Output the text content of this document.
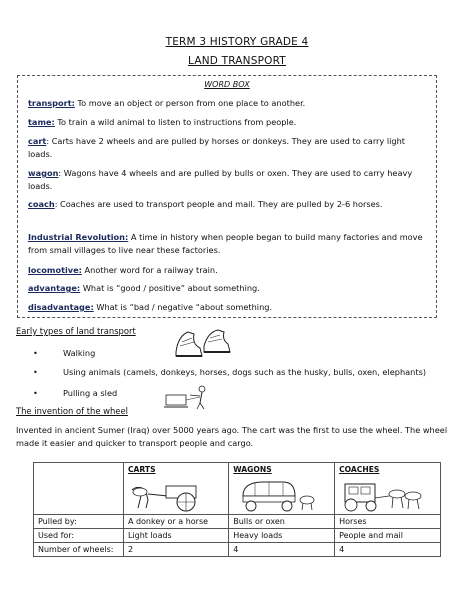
TERM 3 HISTORY GRADE 4
LAND TRANSPORT
WORD BOX
transport: To move an object or person from one place to another.
tame: To train a wild animal to listen to instructions from people.
cart: Carts have 2 wheels and are pulled by horses or donkeys. They are used to carry light loads.
wagon: Wagons have 4 wheels and are pulled by bulls or oxen. They are used to carry heavy loads.
coach: Coaches are used to transport people and mail. They are pulled by 2-6 horses.
Industrial Revolution: A time in history when people began to build many factories and move from small villages to live near these factories.
locomotive: Another word for a railway train.
advantage: What is “good / positive” about something.
disadvantage: What is “bad / negative “about something.
Early types of land transport
•	Walking
•	Using animals (camels, donkeys, horses, dogs such as the husky, bulls, oxen, elephants)
•	Pulling a sled
The invention of the wheel
Invented in ancient Sumer (Iraq) over 5000 years ago. The cart was the first to use the wheel. The wheel made it easier and quicker to transport people and cargo.
	CARTS	WAGONS	COACHES

Pulled by:	A donkey or a horse	Bulls or oxen	Horses
Used for:	Light loads	Heavy loads	People and mail
Number of wheels:	2	4	4
